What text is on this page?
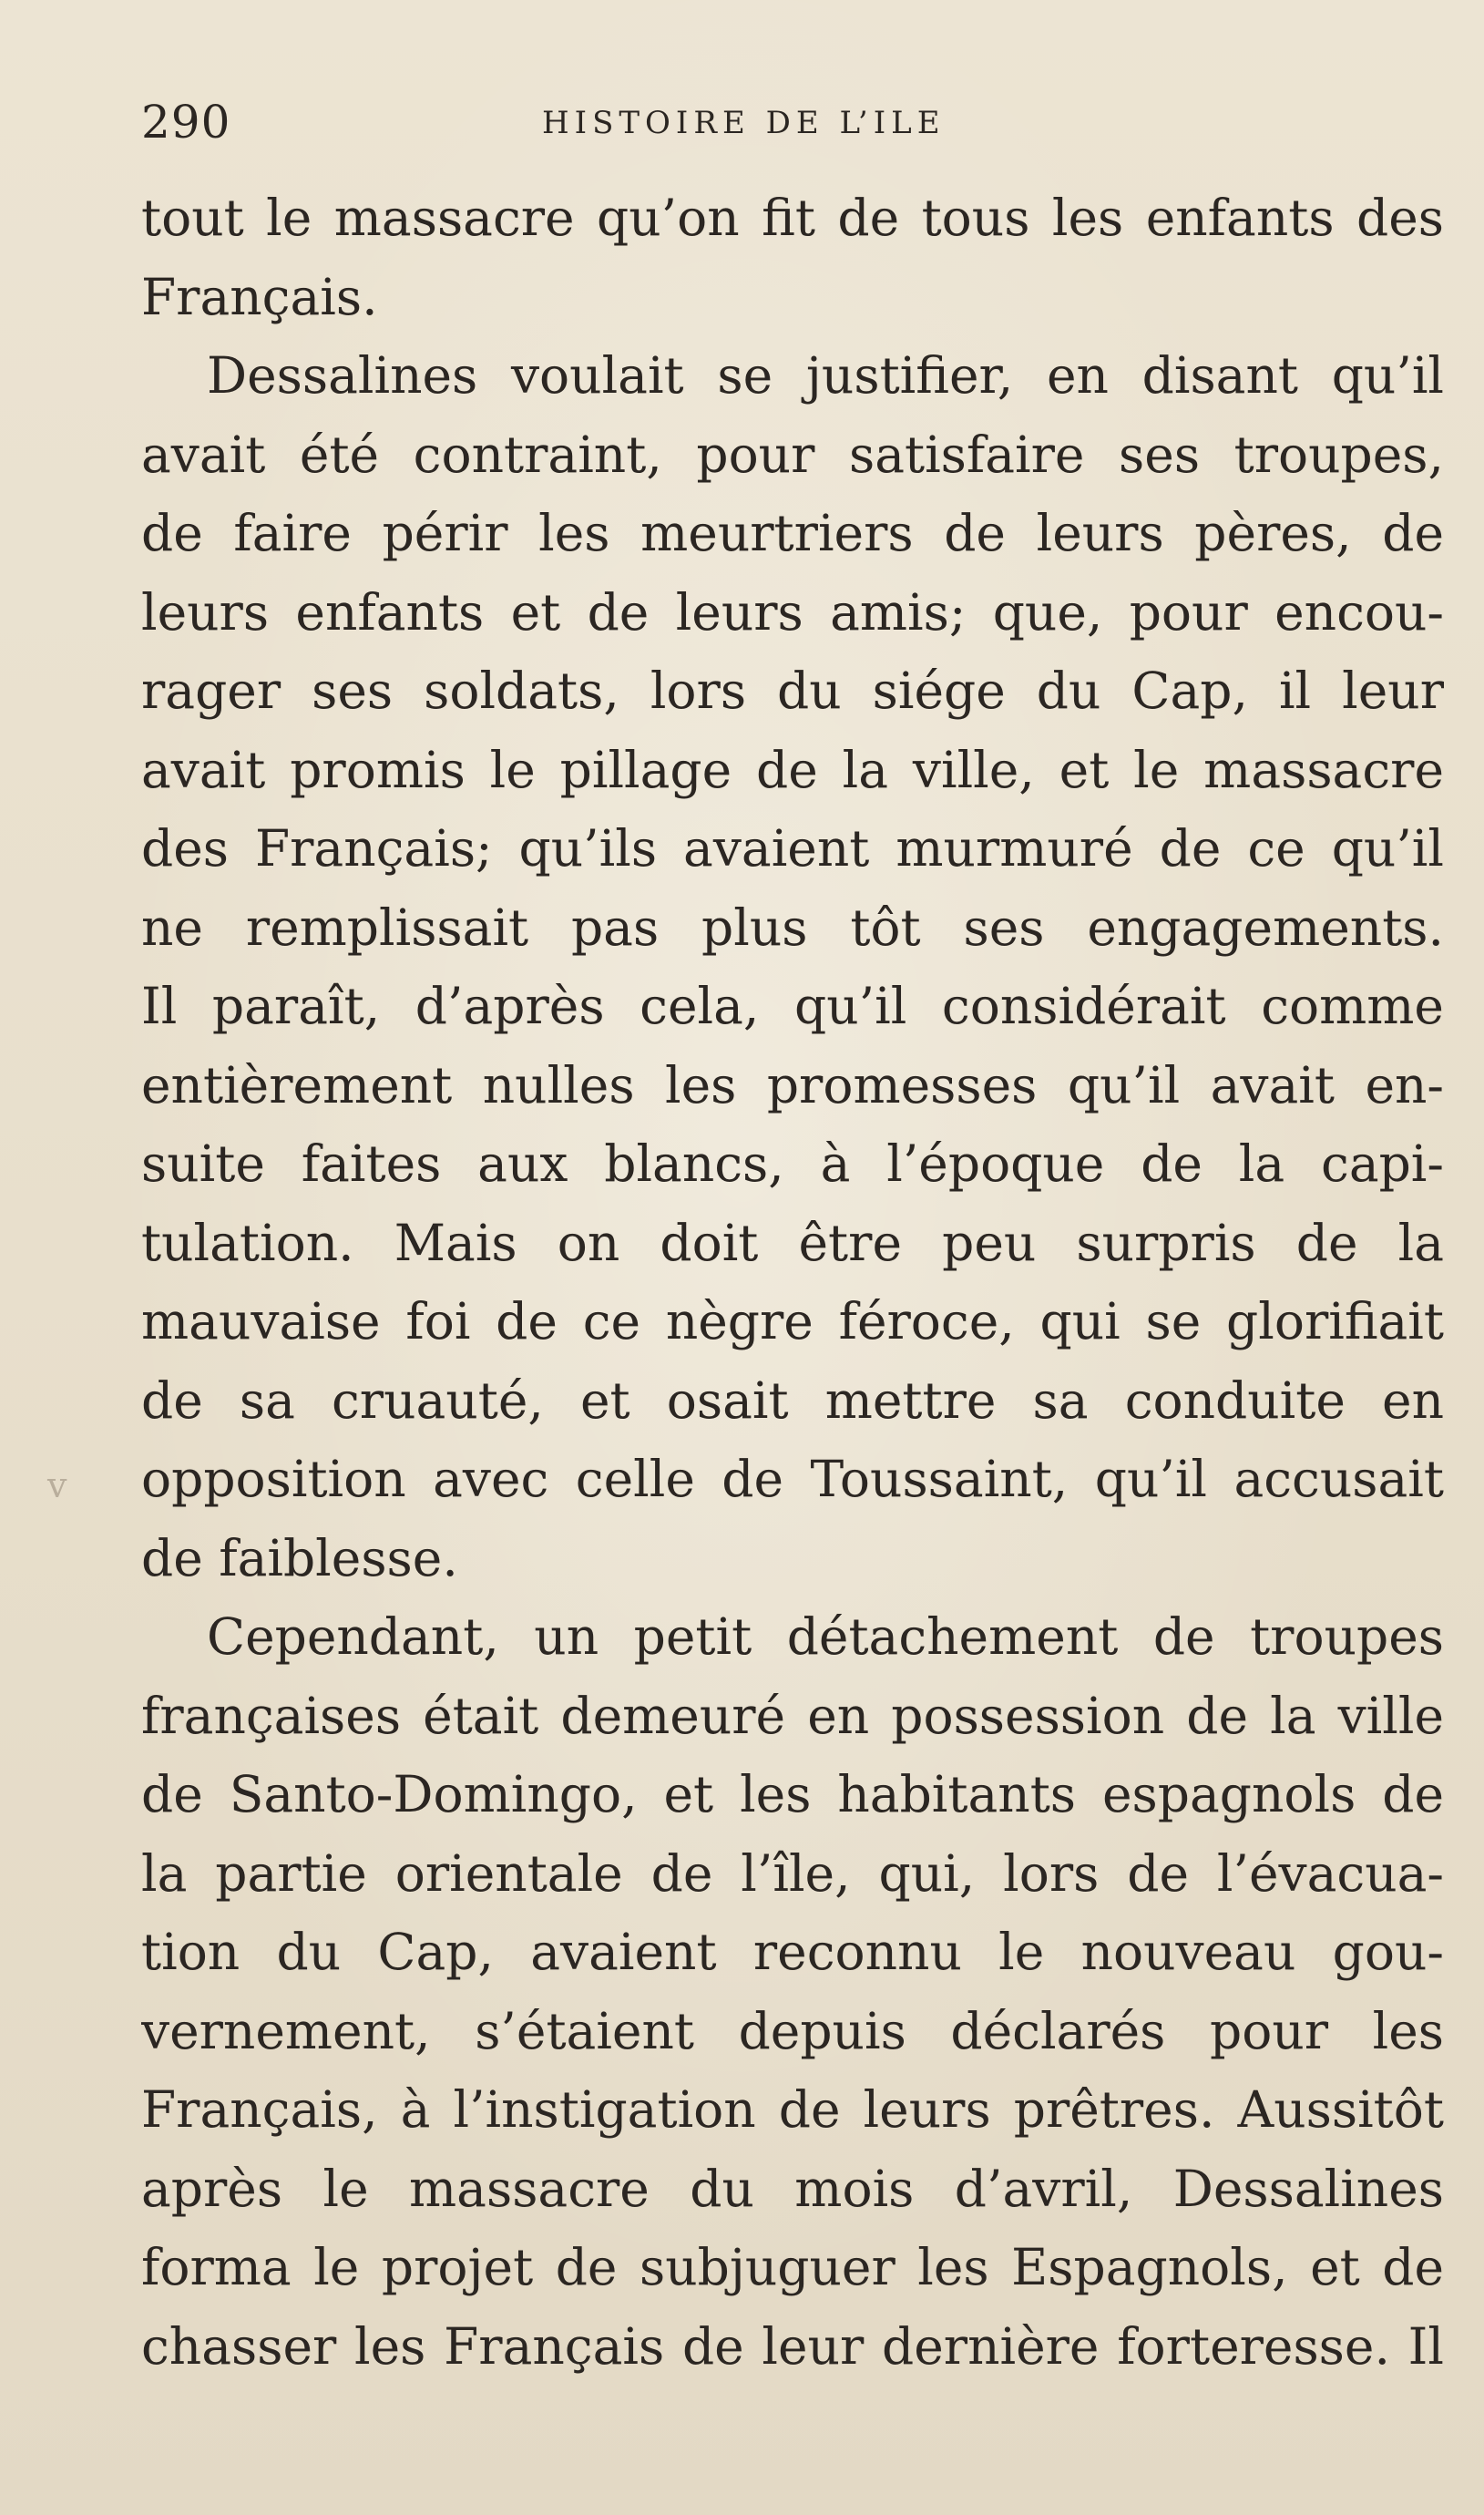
290	HISTOIRE DE L’ILE
v
tout le massacre qu’on fit de tous les enfants des
Français.
Dessalines voulait se justifier, en disant qu’il
avait été contraint, pour satisfaire ses troupes,
de faire périr les meurtriers de leurs pères, de
leurs enfants et de leurs amis; que, pour encou-
rager ses soldats, lors du siége du Cap, il leur
avait promis le pillage de la ville, et le massacre
des Français; qu’ils avaient murmuré de ce qu’il
ne remplissait pas plus tôt ses engagements.
Il paraît, d’après cela, qu’il considérait comme
entièrement nulles les promesses qu’il avait en-
suite faites aux blancs, à l’époque de la capi-
tulation. Mais on doit être peu surpris de la
mauvaise foi de ce nègre féroce, qui se glorifiait
de sa cruauté, et osait mettre sa conduite en
opposition avec celle de Toussaint, qu’il accusait
de faiblesse.
Cependant, un petit détachement de troupes
françaises était demeuré en possession de la ville
de Santo-Domingo, et les habitants espagnols de
la partie orientale de l’île, qui, lors de l’évacua-
tion du Cap, avaient reconnu le nouveau gou-
vernement, s’étaient depuis déclarés pour les
Français, à l’instigation de leurs prêtres. Aussitôt
après le massacre du mois d’avril, Dessalines
forma le projet de subjuguer les Espagnols, et de
chasser les Français de leur dernière forteresse. Il
